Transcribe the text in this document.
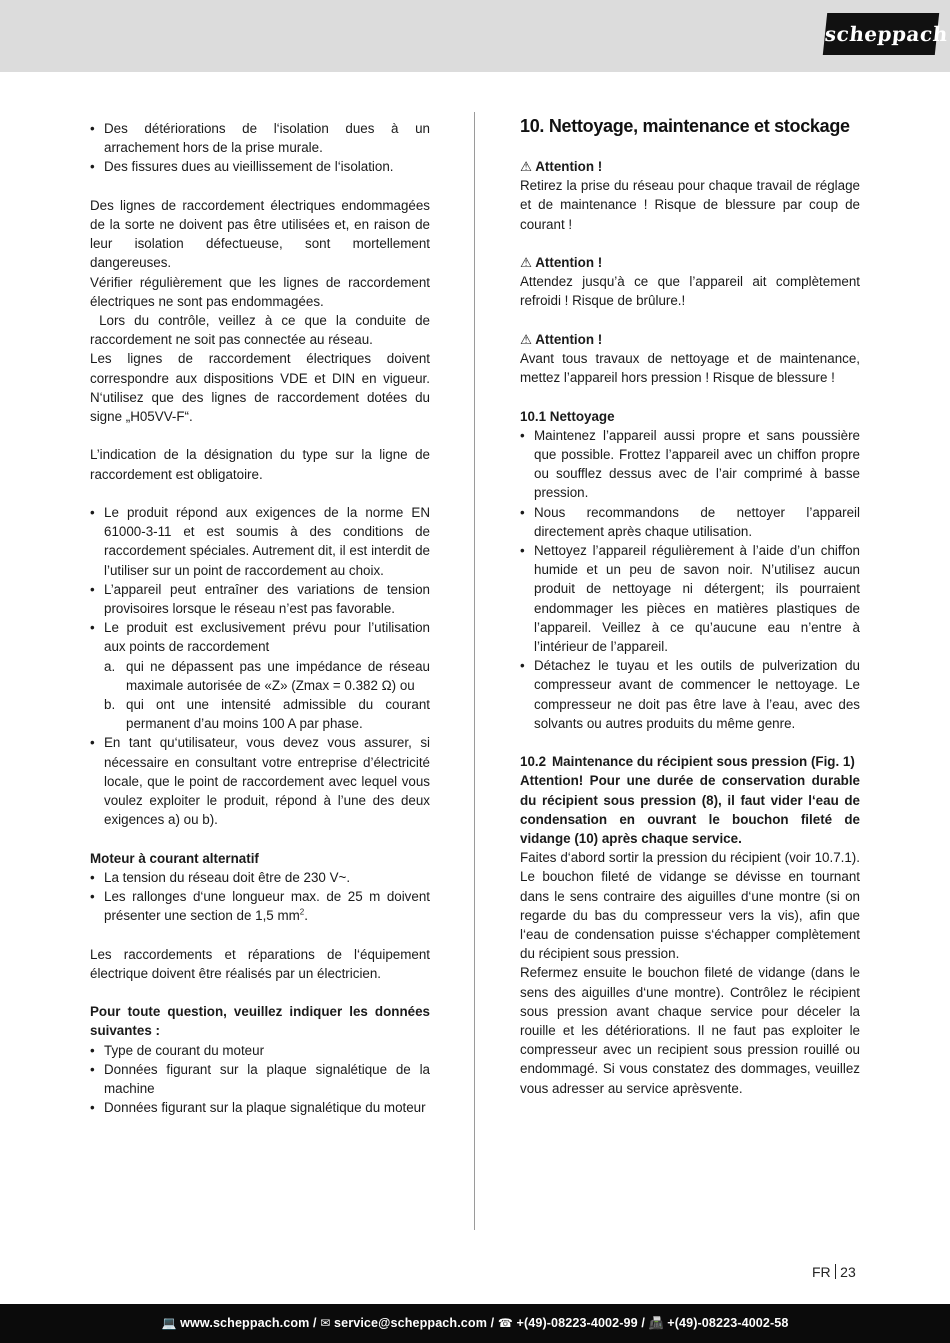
scheppach
• Des détériorations de l‘isolation dues à un arrachement hors de la prise murale.
• Des fissures dues au vieillissement de l‘isolation.

Des lignes de raccordement électriques endommagées de la sorte ne doivent pas être utilisées et, en raison de leur isolation défectueuse, sont mortellement dangereuses.

Vérifier régulièrement que les lignes de raccordement électriques ne sont pas endommagées.

Lors du contrôle, veillez à ce que la conduite de raccordement ne soit pas connectée au réseau.

Les lignes de raccordement électriques doivent correspondre aux dispositions VDE et DIN en vigueur. N‘utilisez que des lignes de raccordement dotées du signe „H05VV-F“.

L’indication de la désignation du type sur la ligne de raccordement est obligatoire.

• Le produit répond aux exigences de la norme EN 61000-3-11 et est soumis à des conditions de raccordement spéciales. Autrement dit, il est interdit de l’utiliser sur un point de raccordement au choix.
• L’appareil peut entraîner des variations de tension provisoires lorsque le réseau n’est pas favorable.
• Le produit est exclusivement prévu pour l’utilisation aux points de raccordement
a. qui ne dépassent pas une impédance de réseau maximale autorisée de «Z» (Zmax = 0.382 Ω) ou
b. qui ont une intensité admissible du courant permanent d’au moins 100 A par phase.
• En tant qu‘utilisateur, vous devez vous assurer, si nécessaire en consultant votre entreprise d’électricité locale, que le point de raccordement avec lequel vous voulez exploiter le produit, répond à l’une des deux exigences a) ou b).

Moteur à courant alternatif

• La tension du réseau doit être de 230 V~.
• Les rallonges d‘une longueur max. de 25 m doivent présenter une section de 1,5 $mm^2$.

Les raccordements et réparations de l‘équipement électrique doivent être réalisés par un électricien.

Pour toute question, veuillez indiquer les données suivantes :

• Type de courant du moteur
• Données figurant sur la plaque signalétique de la machine
• Données figurant sur la plaque signalétique du moteur
10. Nettoyage, maintenance et stockage

⚠ Attention !

Retirez la prise du réseau pour chaque travail de réglage et de maintenance ! Risque de blessure par coup de courant !

⚠ Attention !

Attendez jusqu’à ce que l’appareil ait complètement refroidi ! Risque de brûlure.!

⚠ Attention !

Avant tous travaux de nettoyage et de maintenance, mettez l’appareil hors pression ! Risque de blessure !

10.1 Nettoyage

• Maintenez l’appareil aussi propre et sans poussière que possible. Frottez l’appareil avec un chiffon propre ou soufflez dessus avec de l’air comprimé à basse pression.
• Nous recommandons de nettoyer l’appareil directement après chaque utilisation.
• Nettoyez l’appareil régulièrement à l’aide d’un chiffon humide et un peu de savon noir. N’utilisez aucun produit de nettoyage ni détergent; ils pourraient endommager les pièces en matières plastiques de l’appareil. Veillez à ce qu’aucune eau n’entre à l’intérieur de l’appareil.
• Détachez le tuyau et les outils de pulverization du compresseur avant de commencer le nettoyage. Le compresseur ne doit pas être lave à l’eau, avec des solvants ou autres produits du même genre.

10.2 Maintenance du récipient sous pression (Fig. 1)

Attention! Pour une durée de conservation durable du récipient sous pression (8), il faut vider l‘eau de condensation en ouvrant le bouchon fileté de vidange (10) après chaque service.

Faites d‘abord sortir la pression du récipient (voir 10.7.1). Le bouchon fileté de vidange se dévisse en tournant dans le sens contraire des aiguilles d‘une montre (si on regarde du bas du compresseur vers la vis), afin que l‘eau de condensation puisse s‘échapper complètement du récipient sous pression.

Refermez ensuite le bouchon fileté de vidange (dans le sens des aiguilles d‘une montre). Contrôlez le récipient sous pression avant chaque service pour déceler la rouille et les détériorations. Il ne faut pas exploiter le compresseur avec un recipient sous pression rouillé ou endommagé. Si vous constatez des dommages, veuillez vous adresser au service aprèsvente.

FR 23
💻 www.scheppach.com / ✉ service@scheppach.com / ☎ +(49)-08223-4002-99 / 📠 +(49)-08223-4002-58
